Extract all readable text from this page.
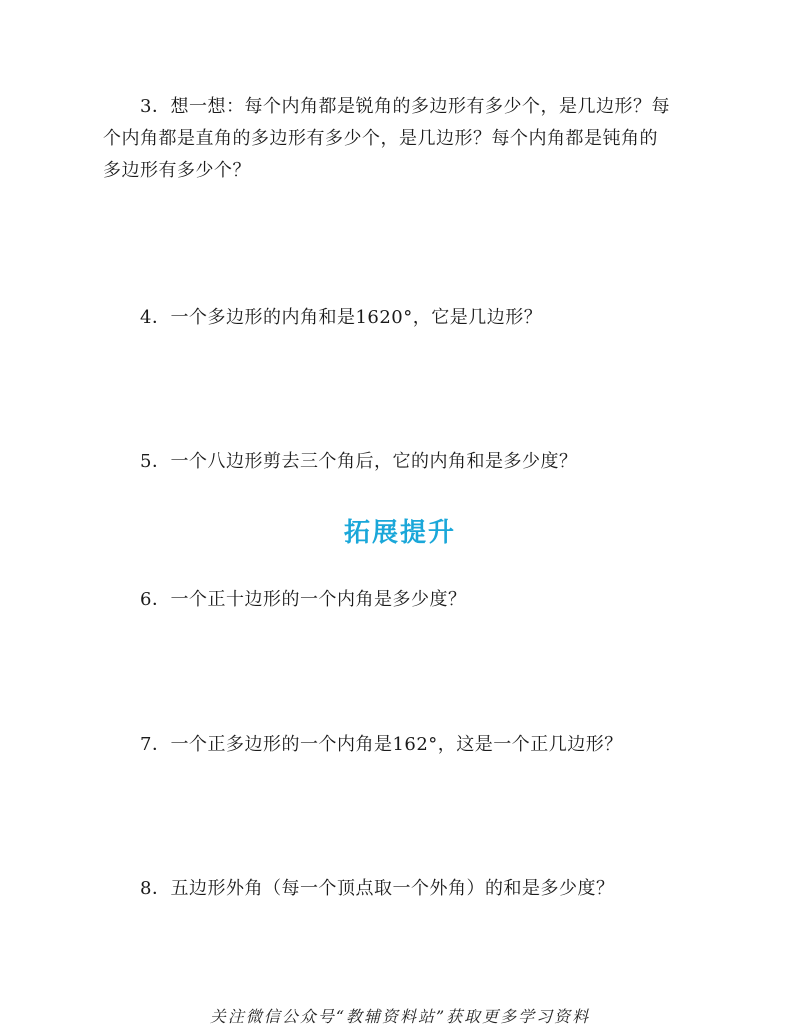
3．想一想：每个内角都是锐角的多边形有多少个，是几边形？每
个内角都是直角的多边形有多少个，是几边形？每个内角都是钝角的
多边形有多少个？
4．一个多边形的内角和是1620°，它是几边形？
5．一个八边形剪去三个角后，它的内角和是多少度？
拓展提升
6．一个正十边形的一个内角是多少度？
7．一个正多边形的一个内角是162°，这是一个正几边形？
8．五边形外角（每一个顶点取一个外角）的和是多少度？
关注微信公众号“教辅资料站”获取更多学习资料
